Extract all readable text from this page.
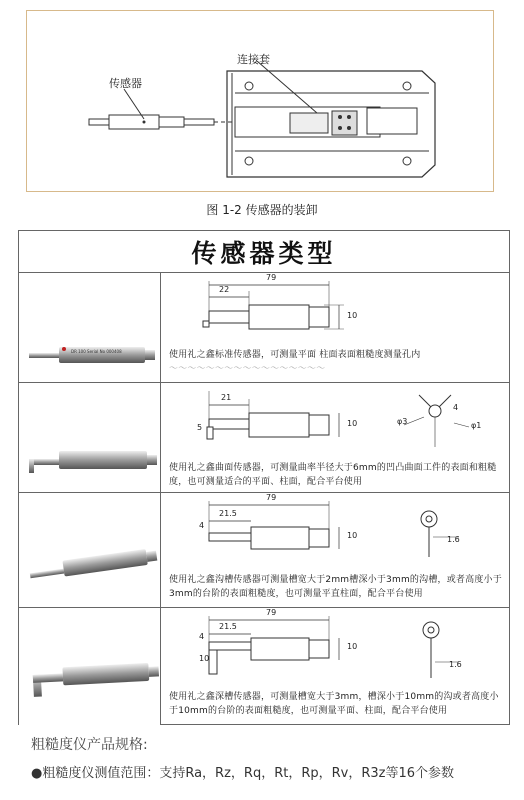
传感器
连接套
图 1-2 传感器的装卸
传感器类型
DR 100 Serial No 000408
79
22
10
使用礼之鑫标准传感器，可测量平面 柱面表面粗糙度测量孔内
～～～～～～～～～～～～～～～～～
21
10
5
φ3	φ1
4
使用礼之鑫曲面传感器，可测量曲率半径大于6mm的凹凸曲面工件的表面和粗糙度，也可测量适合的平面、柱面，配合平台使用
79
21.5
10
4
1.6
使用礼之鑫沟槽传感器可测量槽宽大于2mm槽深小于3mm的沟槽，或者高度小于3mm的台阶的表面粗糙度，也可测量平直柱面，配合平台使用
79
21.5
10
4
10
1.6
使用礼之鑫深槽传感器，可测量槽宽大于3mm，槽深小于10mm的沟或者高度小于10mm的台阶的表面粗糙度，也可测量平面、柱面，配合平台使用
粗糙度仪产品规格:
●粗糙度仪测值范围：支持Ra，Rz，Rq，Rt，Rp，Rv，R3z等16个参数
